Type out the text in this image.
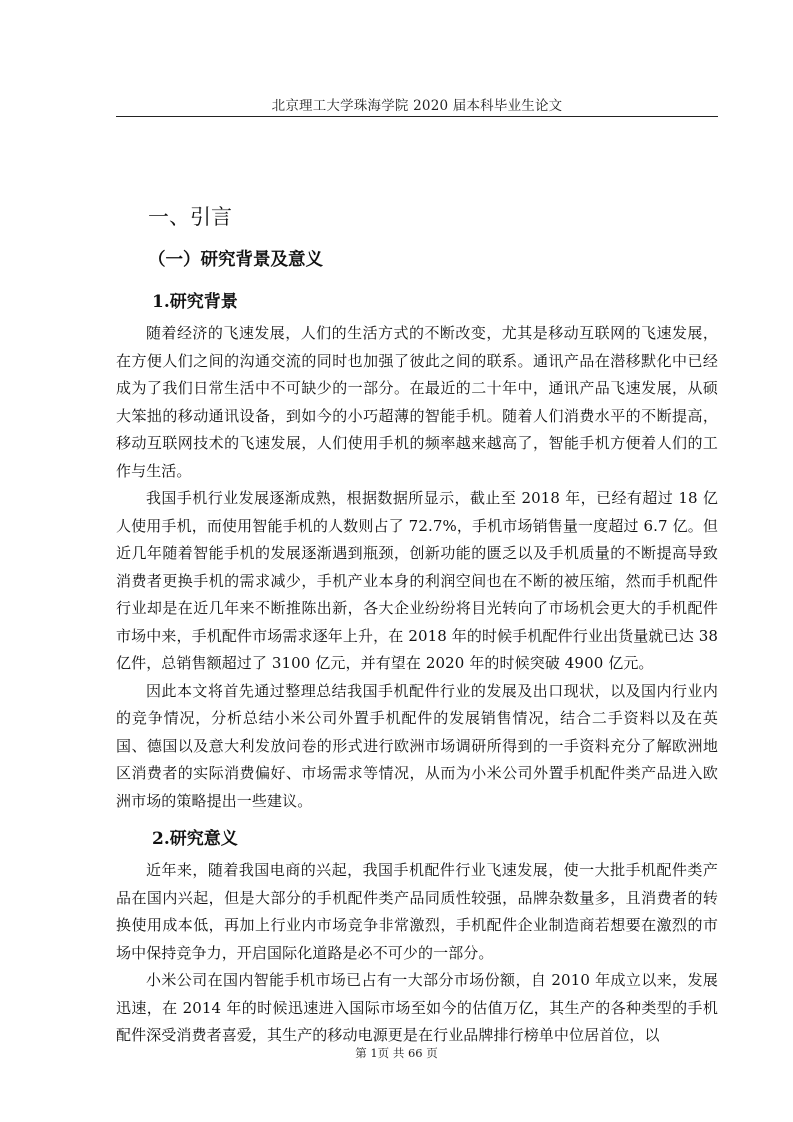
北京理工大学珠海学院 2020 届本科毕业生论文
一、引言
（一）研究背景及意义
1.研究背景

随着经济的飞速发展，人们的生活方式的不断改变，尤其是移动互联网的飞速发展，在方便人们之间的沟通交流的同时也加强了彼此之间的联系。通讯产品在潜移默化中已经成为了我们日常生活中不可缺少的一部分。在最近的二十年中，通讯产品飞速发展，从硕大笨拙的移动通讯设备，到如今的小巧超薄的智能手机。随着人们消费水平的不断提高，移动互联网技术的飞速发展，人们使用手机的频率越来越高了，智能手机方便着人们的工作与生活。

我国手机行业发展逐渐成熟，根据数据所显示，截止至 2018 年，已经有超过 18 亿人使用手机，而使用智能手机的人数则占了 72.7%，手机市场销售量一度超过 6.7 亿。但近几年随着智能手机的发展逐渐遇到瓶颈，创新功能的匮乏以及手机质量的不断提高导致消费者更换手机的需求减少，手机产业本身的利润空间也在不断的被压缩，然而手机配件行业却是在近几年来不断推陈出新，各大企业纷纷将目光转向了市场机会更大的手机配件市场中来，手机配件市场需求逐年上升，在 2018 年的时候手机配件行业出货量就已达 38 亿件，总销售额超过了 3100 亿元，并有望在 2020 年的时候突破 4900 亿元。

因此本文将首先通过整理总结我国手机配件行业的发展及出口现状，以及国内行业内的竞争情况，分析总结小米公司外置手机配件的发展销售情况，结合二手资料以及在英国、德国以及意大利发放问卷的形式进行欧洲市场调研所得到的一手资料充分了解欧洲地区消费者的实际消费偏好、市场需求等情况，从而为小米公司外置手机配件类产品进入欧洲市场的策略提出一些建议。

2.研究意义

近年来，随着我国电商的兴起，我国手机配件行业飞速发展，使一大批手机配件类产品在国内兴起，但是大部分的手机配件类产品同质性较强，品牌杂数量多，且消费者的转换使用成本低，再加上行业内市场竞争非常激烈，手机配件企业制造商若想要在激烈的市场中保持竞争力，开启国际化道路是必不可少的一部分。

小米公司在国内智能手机市场已占有一大部分市场份额，自 2010 年成立以来，发展迅速，在 2014 年的时候迅速进入国际市场至如今的估值万亿，其生产的各种类型的手机配件深受消费者喜爱，其生产的移动电源更是在行业品牌排行榜单中位居首位，以

第 1页 共 66 页
